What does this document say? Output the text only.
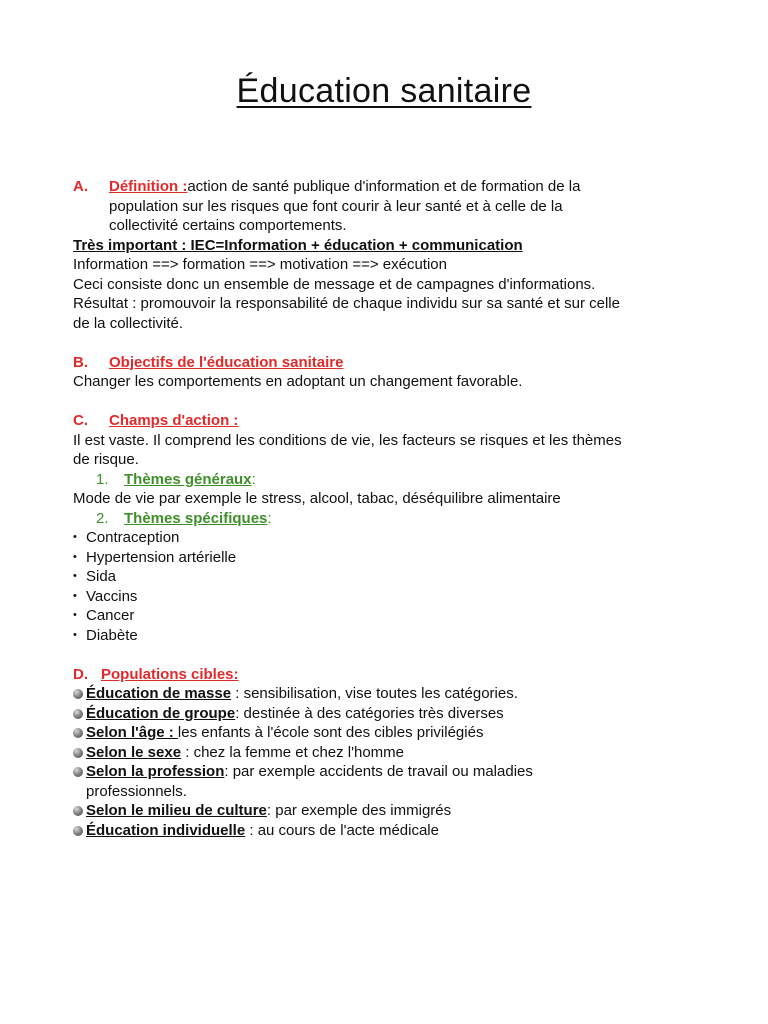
Éducation sanitaire
A.	Définition :action de santé publique d'information et de formation de la
population sur les risques que font courir à leur santé et à celle de la
collectivité certains comportements.
Très important : IEC=Information + éducation + communication
Information ==> formation ==> motivation ==> exécution
Ceci consiste donc un ensemble de message et de campagnes d'informations.
Résultat : promouvoir la responsabilité de chaque individu sur sa santé et sur celle
de la collectivité.
B.	Objectifs de l'éducation sanitaire
Changer les comportements en adoptant un changement favorable.
C.	Champs d'action :
Il est vaste. Il comprend les conditions de vie, les facteurs se risques et les thèmes
de risque.
1. Thèmes généraux:
Mode de vie par exemple le stress, alcool, tabac, déséquilibre alimentaire
2. Thèmes spécifiques:
• Contraception
• Hypertension artérielle
• Sida
• Vaccins
• Cancer
• Diabète
D. Populations cibles:
Éducation de masse : sensibilisation, vise toutes les catégories.
Éducation de groupe: destinée à des catégories très diverses
Selon l'âge : les enfants à l'école sont des cibles privilégiés
Selon le sexe : chez la femme et chez l'homme
Selon la profession: par exemple accidents de travail ou maladies
professionnels.
Selon le milieu de culture: par exemple des immigrés
Éducation individuelle : au cours de l'acte médicale
